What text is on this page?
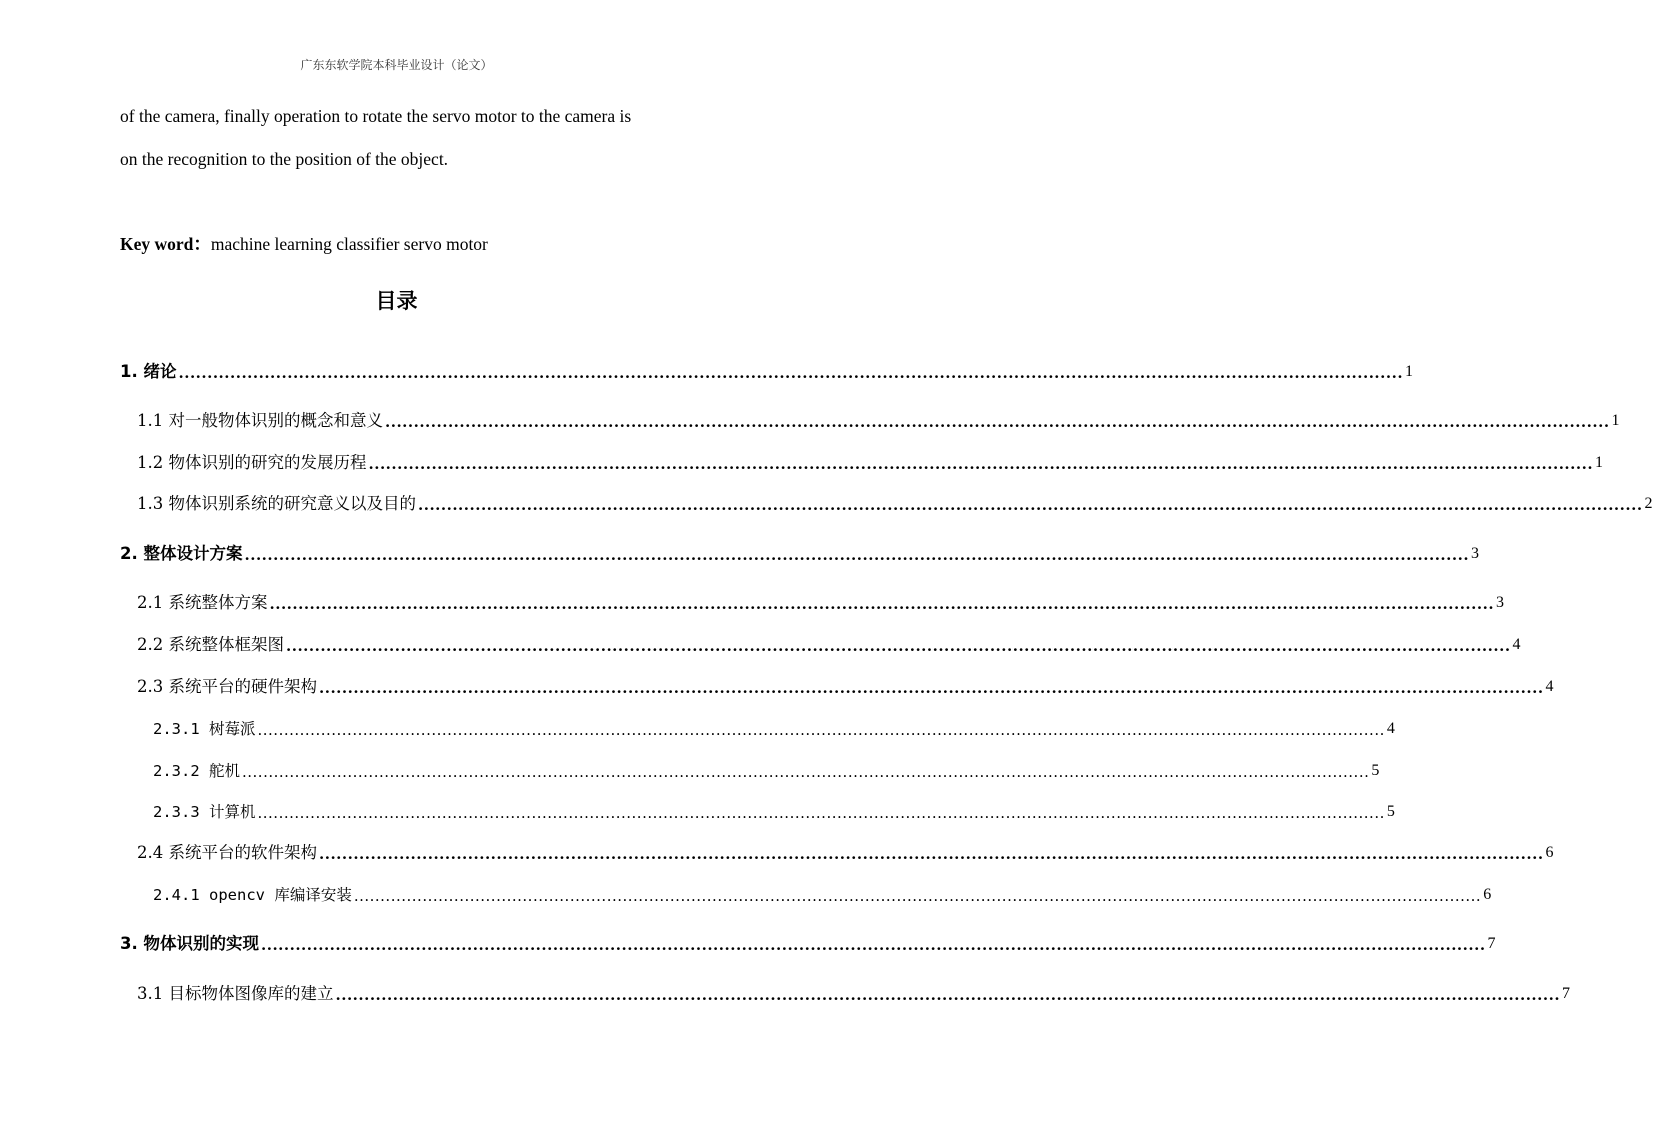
广东东软学院本科毕业设计（论文）
of the camera, finally operation to rotate the servo motor to the camera is
on the recognition to the position of the object.
Key word：machine learning classifier servo motor
目录
1. 绪论 ...................................................................................................................................................................................................................... 1
1.1 对一般物体识别的概念和意义 ...................................................................................................................................................................................................................... 1
1.2 物体识别的研究的发展历程 ...................................................................................................................................................................................................................... 1
1.3 物体识别系统的研究意义以及目的 ...................................................................................................................................................................................................................... 2
2. 整体设计方案 ...................................................................................................................................................................................................................... 3
2.1 系统整体方案 ...................................................................................................................................................................................................................... 3
2.2 系统整体框架图 ...................................................................................................................................................................................................................... 4
2.3 系统平台的硬件架构 ...................................................................................................................................................................................................................... 4
2.3.1 树莓派 ...................................................................................................................................................................................................................... 4
2.3.2 舵机 ...................................................................................................................................................................................................................... 5
2.3.3 计算机 ...................................................................................................................................................................................................................... 5
2.4 系统平台的软件架构 ...................................................................................................................................................................................................................... 6
2.4.1 opencv 库编译安装 ...................................................................................................................................................................................................................... 6
3. 物体识别的实现 ...................................................................................................................................................................................................................... 7
3.1 目标物体图像库的建立 ...................................................................................................................................................................................................................... 7
